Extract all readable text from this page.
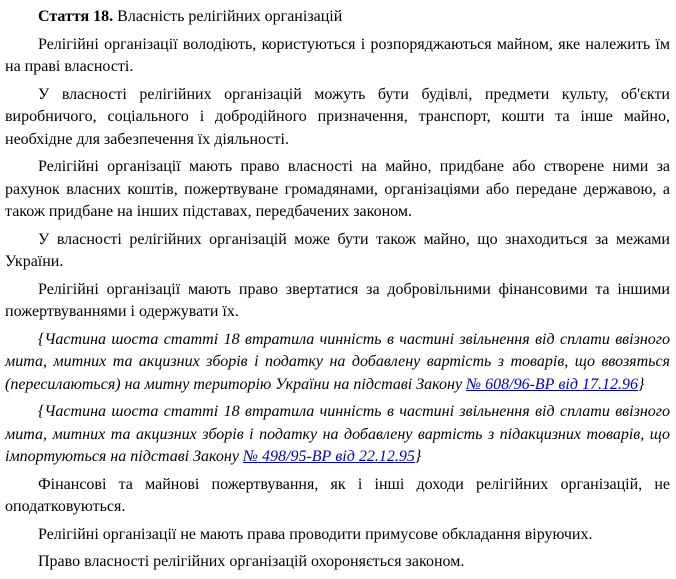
Стаття 18. Власність релігійних організацій

Релігійні організації володіють, користуються і розпоряджаються майном, яке належить їм на праві власності.

У власності релігійних організацій можуть бути будівлі, предмети культу, об'єкти виробничого, соціального і добродійного призначення, транспорт, кошти та інше майно, необхідне для забезпечення їх діяльності.

Релігійні організації мають право власності на майно, придбане або створене ними за рахунок власних коштів, пожертвуване громадянами, організаціями або передане державою, а також придбане на інших підставах, передбачених законом.

У власності релігійних організацій може бути також майно, що знаходиться за межами України.

Релігійні організації мають право звертатися за добровільними фінансовими та іншими пожертвуваннями і одержувати їх.

{Частина шоста статті 18 втратила чинність в частині звільнення від сплати ввізного мита, митних та акцизних зборів і податку на добавлену вартість з товарів, що ввозяться (пересилаються) на митну територію України на підставі Закону № 608/96-ВР від 17.12.96}

{Частина шоста статті 18 втратила чинність в частині звільнення від сплати ввізного мита, митних та акцизних зборів і податку на добавлену вартість з підакцизних товарів, що імпортуються на підставі Закону № 498/95-ВР від 22.12.95}

Фінансові та майнові пожертвування, як і інші доходи релігійних організацій, не оподатковуються.

Релігійні організації не мають права проводити примусове обкладання віруючих.

Право власності релігійних організацій охороняється законом.
